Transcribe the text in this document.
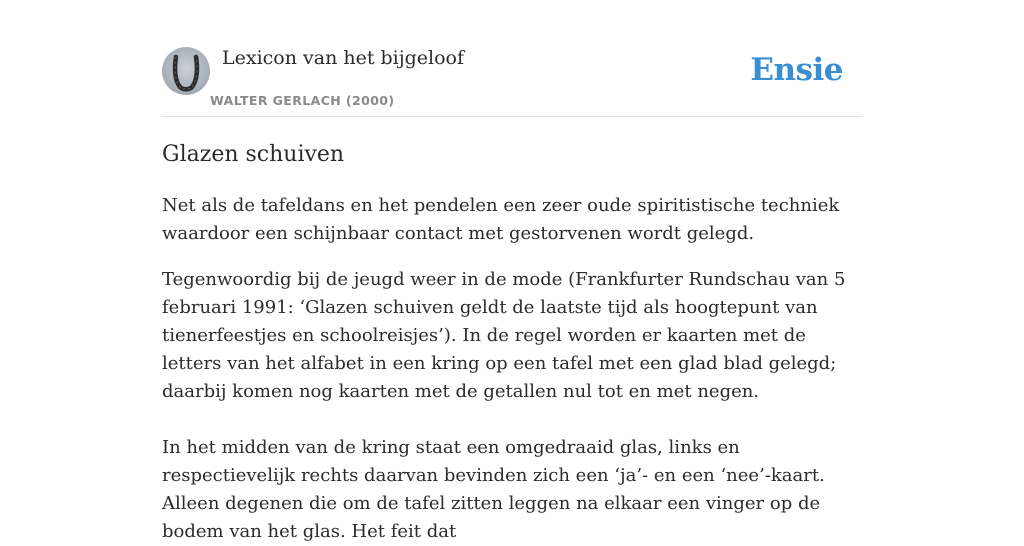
Lexicon van het bijgeloof
WALTER GERLACH (2000)
Ensie
Glazen schuiven

Net als de tafeldans en het pendelen een zeer oude spiritistische techniek waardoor een schijnbaar contact met gestorvenen wordt gelegd.

Tegenwoordig bij de jeugd weer in de mode (Frankfurter Rundschau van 5 februari 1991: ‘Glazen schuiven geldt de laatste tijd als hoogtepunt van tienerfeestjes en schoolreisjes’). In de regel worden er kaarten met de letters van het alfabet in een kring op een tafel met een glad blad gelegd; daarbij komen nog kaarten met de getallen nul tot en met negen.

In het midden van de kring staat een omgedraaid glas, links en respectievelijk rechts daarvan bevinden zich een ‘ja’- en een ‘nee’-kaart. Alleen degenen die om de tafel zitten leggen na elkaar een vinger op de bodem van het glas. Het feit dat
